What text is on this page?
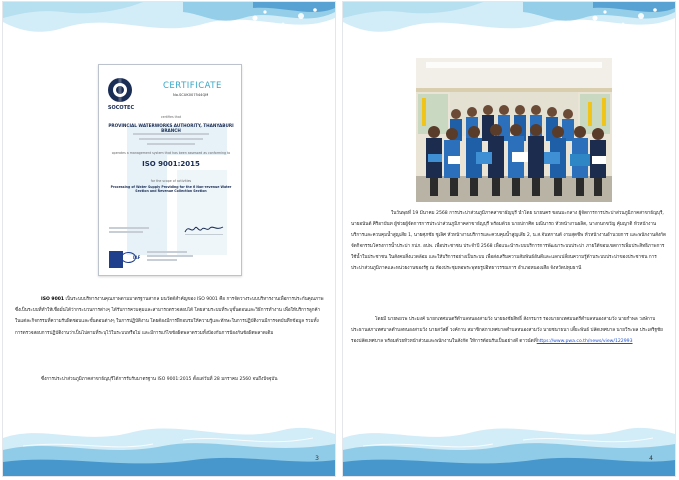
SOCOTEC
CERTIFICATE
No.SCUK007544QM
certifies that
PROVINCIAL WATERWORKS AUTHORITY, THANYABURI BRANCH
operates a management system that has been assessed as conforming to
ISO 9001:2015
for the scope of activities
Processing of Water Supply Providing for the 6 Non-revenue Water Section and Revenue Collection Section
IAF

ISO 9001 เป็นระบบบริหารงานคุณภาพตามมาตรฐานสากล มนวัตต์สำคัญของ ISO 9001 คือ การจัดวางระบบบริหารงานเพื่อการประกันคุณภาพ ซึ่งเป็นระบบที่ทำให้เชื่อมั่นได้ว่ากระบวนการต่างๆ ได้รับการควบคุมและสามารถตรวจสอบได้ โดยสามระบบที่ระบุขั้นตอนและวิธีการทำงาน เพื่อให้บริการลูกค้า ในแต่ละกิจกรรมที่ความรับผิดชอบและขั้นตอนต่างๆ ในการปฏิบัติงาน โดยต้องมีการฝึกอบรมให้ความรู้และทักษะในการปฏิบัติงานมีการจดบันทึกข้อมูล รวมทั้งการตรวจสอบการปฏิบัติงานว่าเป็นไปตามที่ระบุไว้ในระบบหรือไม่ และมีการแก้ไขข้อผิดพลาดรวมทั้งป้องกันการป้องกันข้อผิดพลาดเดิม

ซึ่งการประปาส่วนภูมิภาคสาขาธัญบุรีได้การรับรับมาตรฐาน ISO 9001:2015 ตั้งแต่วันที่ 28 มกราคม 2560 จนถึงปัจจุบัน

3

ในวันพุธที่ 19 มีนาคม 2568 การประปาส่วนภูมิภาคสาขาธัญบุรี นำโดย นายนคร ขอนมะกลาง ผู้จัดการการประปาส่วนภูมิภาคสาขาธัญบุรี, นายอนันต์ ศิริอาบันท ผู้ช่วยผู้จัดการการประปาส่วนภูมิภาคสาขาธัญบุรี พร้อมด้วย นายปกาศิต มณีนารถ หัวหน้างานผลิต, นางกนกขวัญ คุ้มญาติ หัวหน้างานบริการและควบคุมน้ำสูญเสีย 1, นายศุภชัย ชูเลิศ หัวหน้างานบริการและควบคุมน้ำสูญเสีย 2, น.ส.จันทกานต์ งามสุดชีพ หัวหน้างานอำนวยการ และพนักงานสังกัด จัดกิจกรรมโครงการน้ำประปา กปภ. อปพ. เพื่อประชาชน ประจำปี 2568 เพื่อแนะนำระบบบริการการพัฒนาระบบประปา ภายใต้ขอบเขตการเพิ่มประสิทธิภาพการใช้น้ำในประชาชน ในสังคมสิ่งแวดล้อม และให้บริการอย่างเป็นระบบ เพื่อส่งเสริมความสัมพันธ์อันดีและแลกเปลี่ยนความรู้ด้านระบบประปาของประชาชน การประปาส่วนภูมิภาคและหน่วยงานของรัฐ ณ ห้องประชุมหอพระพุทธรูปอิทธาวรรณการ อำเภอหนองเสือ จังหวัดปทุมธานี

โดยมี นายพยวพ ประมงค์ นายกเทศมนตรีตำบลหนองสามวัง นายธงชัยสิทธิ์ สังกรมาร รองนายกเทศมนตรีตำบลหนองสามวัง นายกำพล วงษ์กาบ ประธานสภาเทศบาลตำบลหนองสามวัง นายสวัสดิ์ วงค์กาบ สมาชิกสภาเทศบาลตำบลหนองสามวัง นายชนาธนา เตี้ยะพันธ์ ปลัดเทศบาล นายวีระพล ประเสริฐชัย รองปลัดเทศบาล พร้อมด้วยหัวหน้าส่วนและพนักงานในสังกัด ให้การต้อนรับเป็นอย่างดี ดาวน์ดที่https://www.pwa.co.th/news/view/122993

4
